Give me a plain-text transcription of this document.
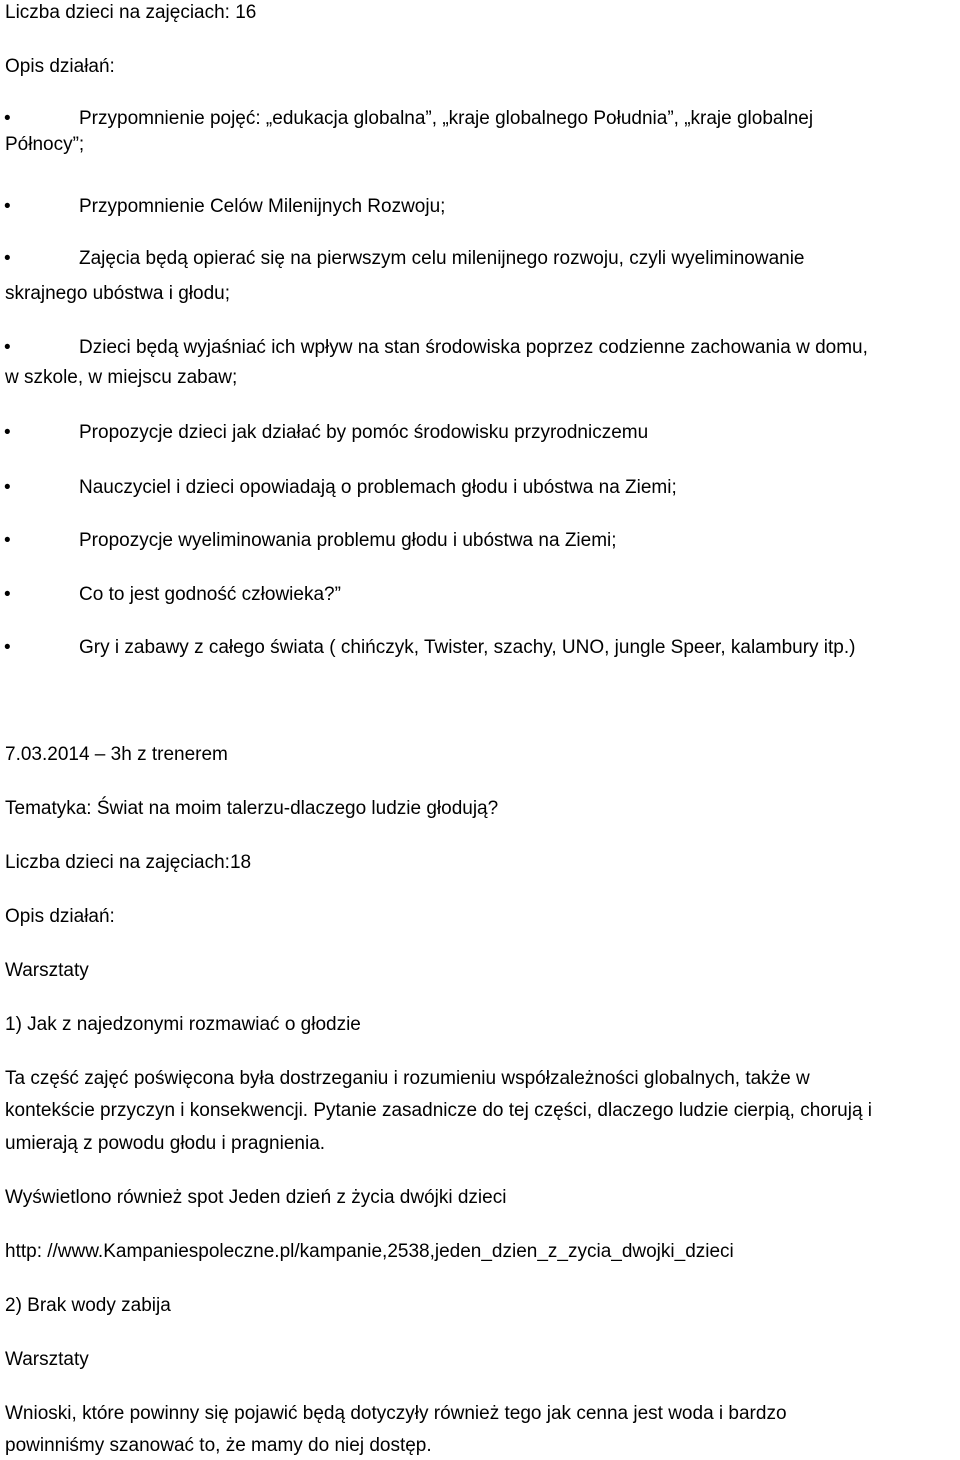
Liczba dzieci na zajęciach: 16
Opis działań:
•	Przypomnienie pojęć: „edukacja globalna”, „kraje globalnego Południa”, „kraje globalnej
Północy”;
•	Przypomnienie Celów Milenijnych Rozwoju;
•	Zajęcia będą opierać się na pierwszym celu milenijnego rozwoju, czyli wyeliminowanie
skrajnego ubóstwa i głodu;
•	Dzieci będą wyjaśniać ich wpływ na stan środowiska poprzez codzienne zachowania w domu,
w szkole, w miejscu zabaw;
•	Propozycje dzieci jak działać by pomóc środowisku przyrodniczemu
•	Nauczyciel i dzieci opowiadają o problemach głodu i ubóstwa na Ziemi;
•	Propozycje wyeliminowania problemu głodu i ubóstwa na Ziemi;
•	Co to jest godność człowieka?”
•	Gry i zabawy z całego świata ( chińczyk, Twister, szachy, UNO, jungle Speer, kalambury itp.)
7.03.2014 – 3h z trenerem
Tematyka: Świat na moim talerzu-dlaczego ludzie głodują?
Liczba dzieci na zajęciach:18
Opis działań:
Warsztaty
1) Jak z najedzonymi rozmawiać o głodzie
Ta część zajęć poświęcona była dostrzeganiu i rozumieniu współzależności globalnych, także w
kontekście przyczyn i konsekwencji. Pytanie zasadnicze do tej części, dlaczego ludzie cierpią, chorują i
umierają z powodu głodu i pragnienia.
Wyświetlono również spot Jeden dzień z życia dwójki dzieci
http: //www.Kampaniespoleczne.pl/kampanie,2538,jeden_dzien_z_zycia_dwojki_dzieci
2) Brak wody zabija
Warsztaty
Wnioski, które powinny się pojawić będą dotyczyły również tego jak cenna jest woda i bardzo
powinniśmy szanować to, że mamy do niej dostęp.
